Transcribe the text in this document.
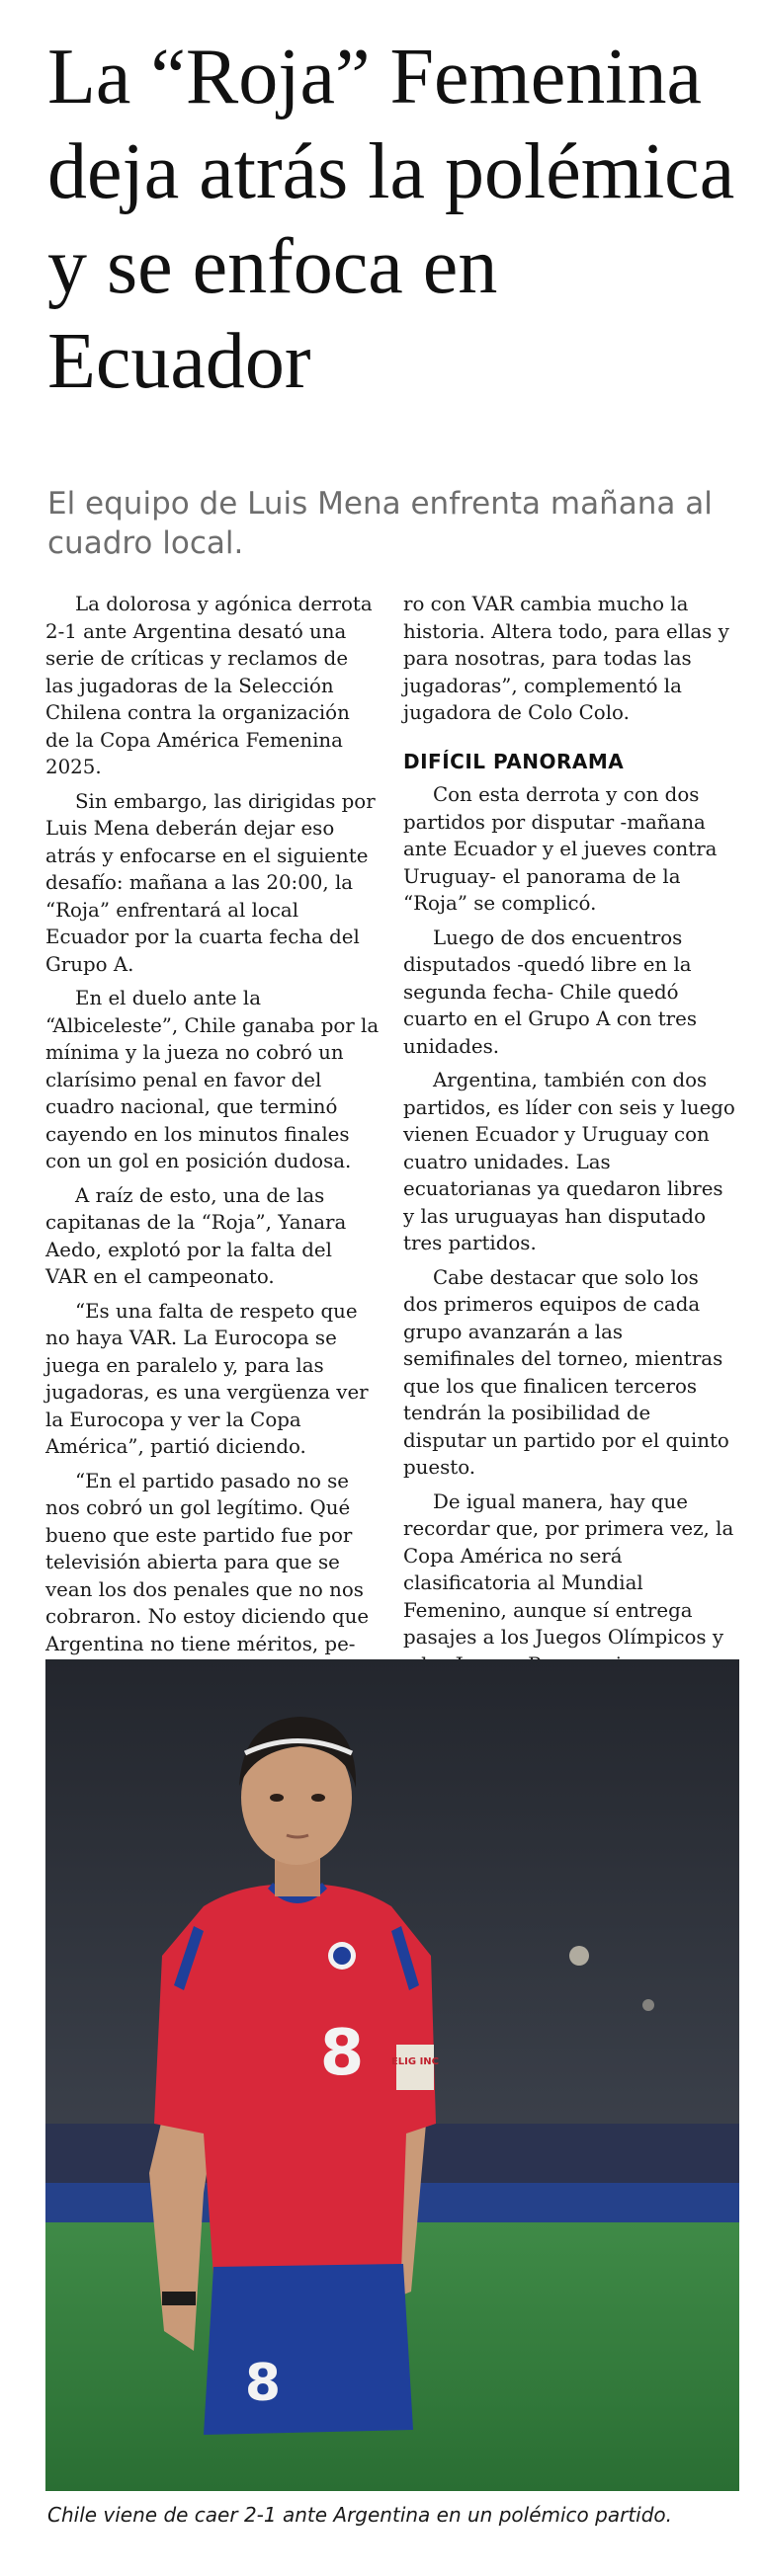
La “Roja” Femenina deja atrás la polémica y se enfoca en Ecuador

El equipo de Luis Mena enfrenta mañana al cuadro local.

La dolorosa y agónica derrota 2-1 ante Argentina desató una serie de críticas y reclamos de las jugadoras de la Selección Chilena contra la organización de la Copa América Femenina 2025.

Sin embargo, las dirigidas por Luis Mena deberán dejar eso atrás y enfocarse en el siguiente desafío: mañana a las 20:00, la “Roja” enfrentará al local Ecuador por la cuarta fecha del Grupo A.

En el duelo ante la “Albiceleste”, Chile ganaba por la mínima y la jueza no cobró un clarísimo penal en favor del cuadro nacional, que terminó cayendo en los minutos finales con un gol en posición dudosa.

A raíz de esto, una de las capitanas de la “Roja”, Yanara Aedo, explotó por la falta del VAR en el campeonato.

“Es una falta de respeto que no haya VAR. La Eurocopa se juega en paralelo y, para las jugadoras, es una vergüenza ver la Eurocopa y ver la Copa América”, partió diciendo.

“En el partido pasado no se nos cobró un gol legítimo. Qué bueno que este partido fue por televisión abierta para que se vean los dos penales que no nos cobraron. No estoy diciendo que Argentina no tiene méritos, pe-

ro con VAR cambia mucho la historia. Altera todo, para ellas y para nosotras, para todas las jugadoras”, complementó la jugadora de Colo Colo.

DIFÍCIL PANORAMA

Con esta derrota y con dos partidos por disputar -mañana ante Ecuador y el jueves contra Uruguay- el panorama de la “Roja” se complicó.

Luego de dos encuentros disputados -quedó libre en la segunda fecha- Chile quedó cuarto en el Grupo A con tres unidades.

Argentina, también con dos partidos, es líder con seis y luego vienen Ecuador y Uruguay con cuatro unidades. Las ecuatorianas ya quedaron libres y las uruguayas han disputado tres partidos.

Cabe destacar que solo los dos primeros equipos de cada grupo avanzarán a las semifinales del torneo, mientras que los que finalicen terceros tendrán la posibilidad de disputar un partido por el quinto puesto.

De igual manera, hay que recordar que, por primera vez, la Copa América no será clasificatoria al Mundial Femenino, aunque sí entrega pasajes a los Juegos Olímpicos y

ELIG INC
8
8
Chile viene de caer 2-1 ante Argentina en un polémico partido.
